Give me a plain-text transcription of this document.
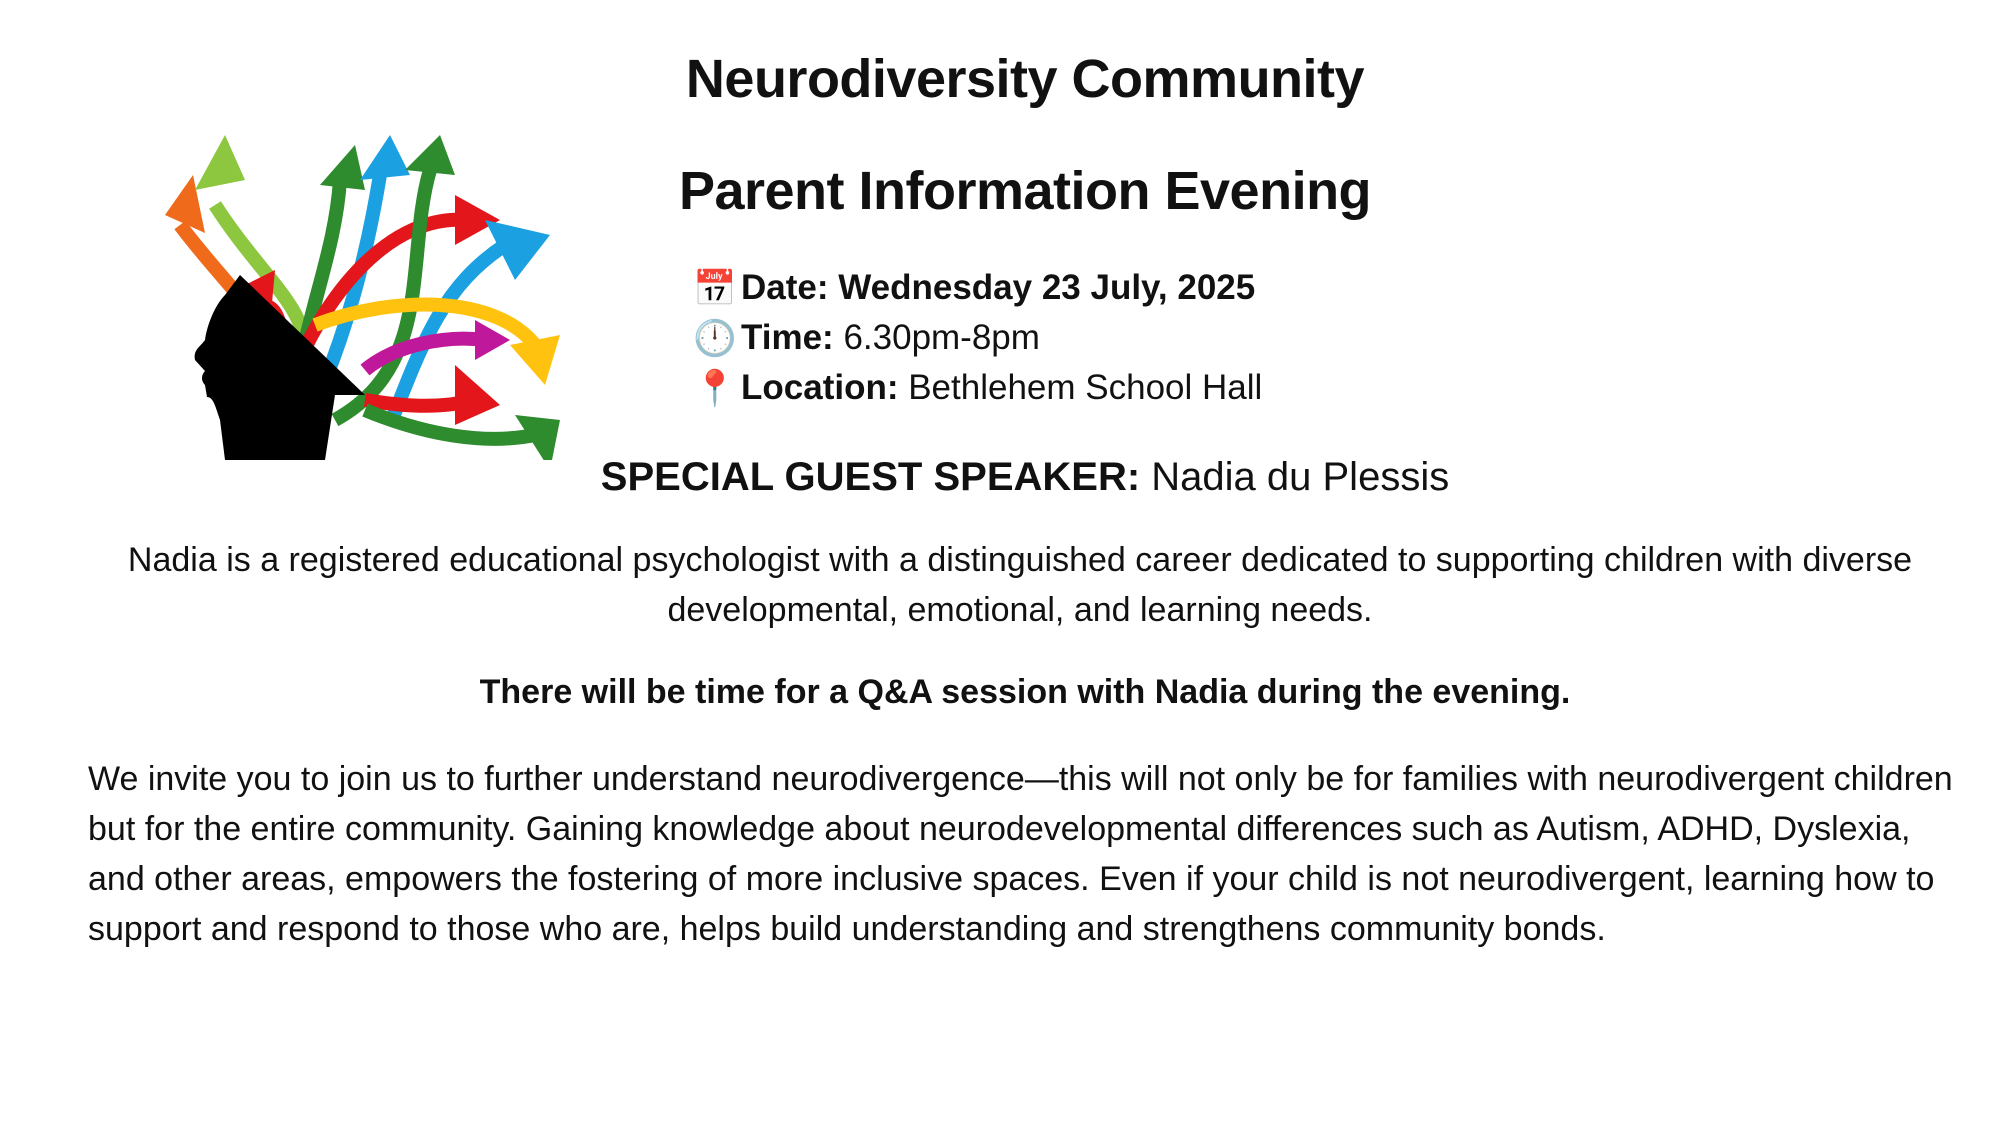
Neurodiversity Community
Parent Information Evening
📅 Date: Wednesday 23 July, 2025
🕛 Time: 6.30pm-8pm
📍 Location: Bethlehem School Hall
SPECIAL GUEST SPEAKER: Nadia du Plessis
Nadia is a registered educational psychologist with a distinguished career dedicated to supporting children with diverse developmental, emotional, and learning needs.
There will be time for a Q&A session with Nadia during the evening.
We invite you to join us to further understand neurodivergence—this will not only be for families with neurodivergent children but for the entire community. Gaining knowledge about neurodevelopmental differences such as Autism, ADHD, Dyslexia, and other areas, empowers the fostering of more inclusive spaces. Even if your child is not neurodivergent, learning how to support and respond to those who are, helps build understanding and strengthens community bonds.
